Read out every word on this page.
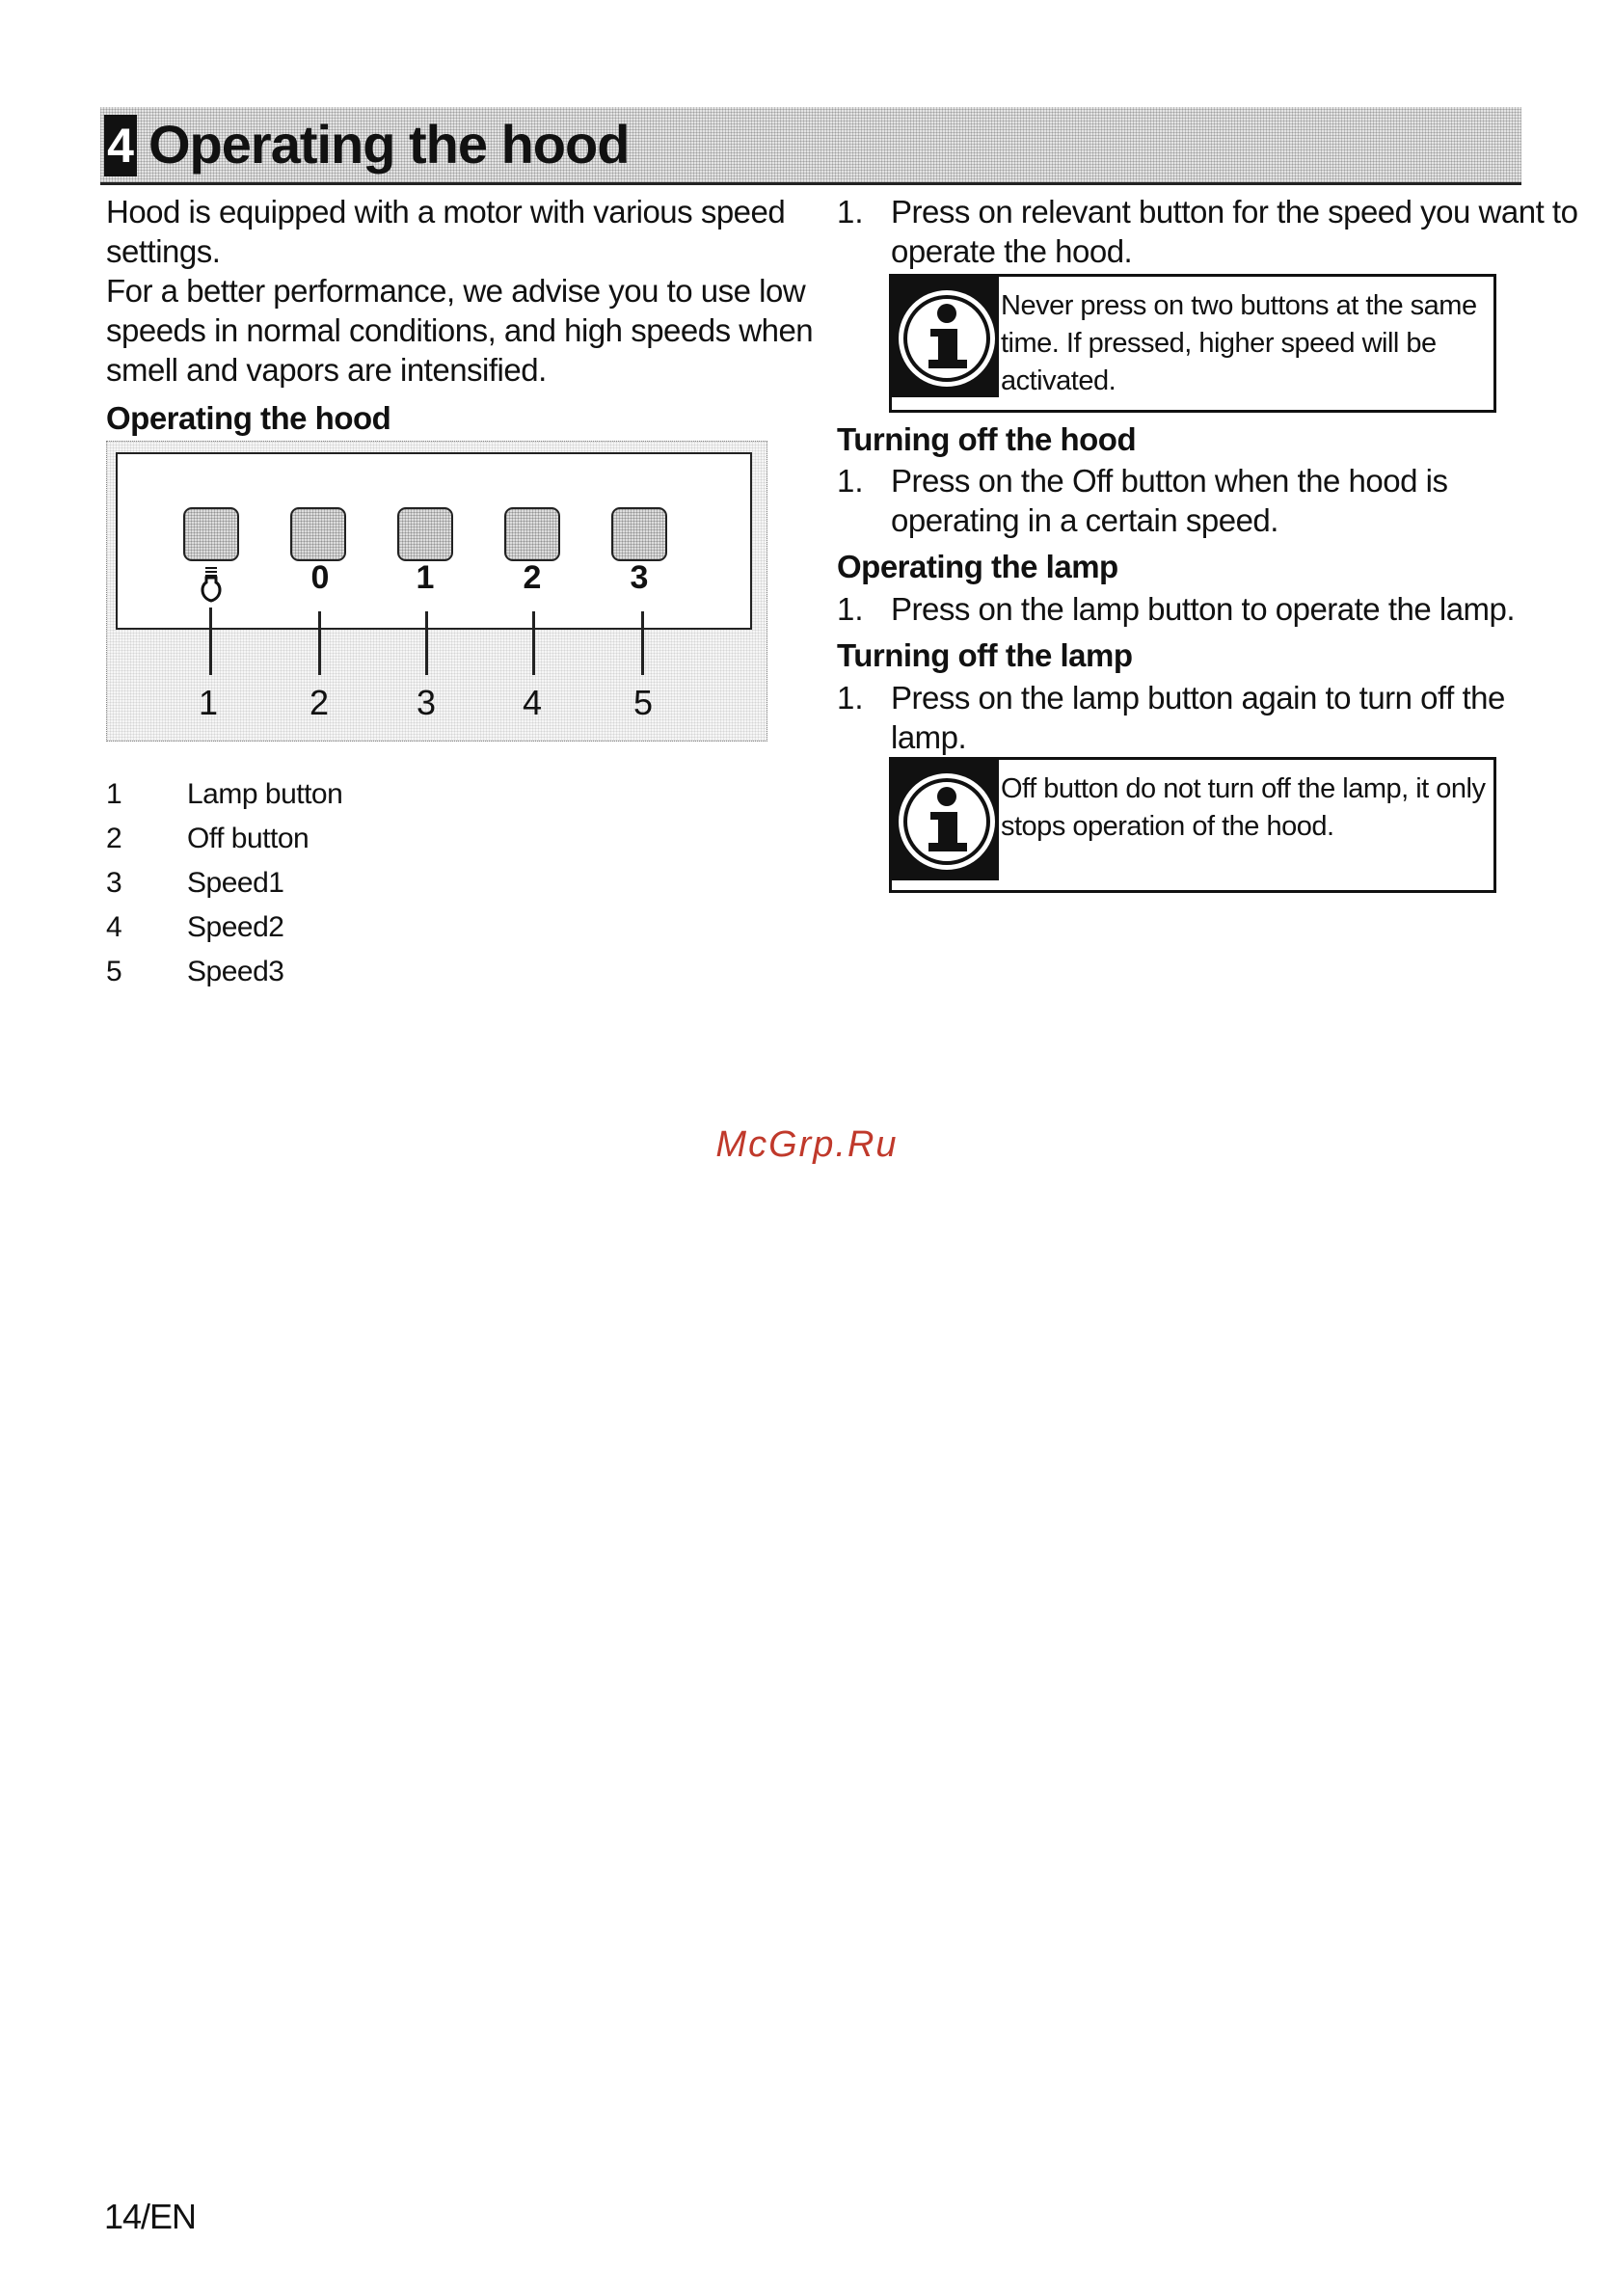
4 Operating the hood
Hood is equipped with a motor with various speed
settings.
For a better performance, we advise you to use low
speeds in normal conditions, and high speeds when
smell and vapors are intensified.
Operating the hood
0	1	2	3
1	2	3 4	5
1 Lamp button
2 Off button
3 Speed1
4 Speed2
5 Speed3
1. Press on relevant button for the speed you want to
operate the hood.
Never press on two buttons at the same
time. If pressed, higher speed will be
activated.
Turning off the hood
1. Press on the Off button when the hood is
operating in a certain speed.
Operating the lamp
1. Press on the lamp button to operate the lamp.
Turning off the lamp
1. Press on the lamp button again to turn off the
lamp.
Off button do not turn off the lamp, it only
stops operation of the hood.
McGrp.Ru
14/EN
